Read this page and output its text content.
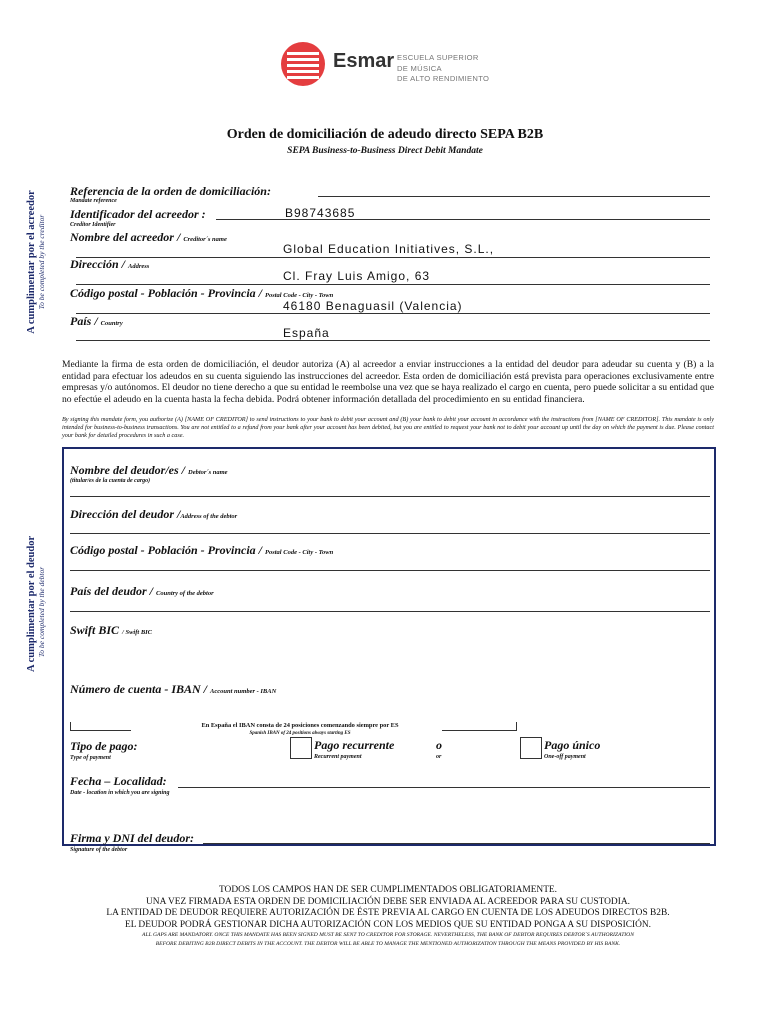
Esmar ESCUELA SUPERIOR
DE MÚSICA
DE ALTO RENDIMIENTO
Orden de domiciliación de adeudo directo SEPA B2B
SEPA Business-to-Business Direct Debit Mandate
A cumplimentar por el acreedor To be completed by the creditor
Referencia de la orden de domiciliación:
Mandate reference
Identificador del acreedor :	B98743685
Creditor Identifier
Nombre del acreedor / Creditor´s name
Global Education Initiatives, S.L.,
Dirección / Address
Cl. Fray Luis Amigo, 63
Código postal - Población - Provincia / Postal Code - City - Town
46180 Benaguasil (Valencia)
País / Country
España
Mediante la firma de esta orden de domiciliación, el deudor autoriza (A) al acreedor a enviar instrucciones a la entidad del deudor para adeudar su cuenta y (B) a la entidad para efectuar los adeudos en su cuenta siguiendo las instrucciones del acreedor. Esta orden de domiciliación está prevista para operaciones exclusivamente entre empresas y/o autónomos. El deudor no tiene derecho a que su entidad le reembolse una vez que se haya realizado el cargo en cuenta, pero puede solicitar a su entidad que no efectúe el adeudo en la cuenta hasta la fecha debida. Podrá obtener información detallada del procedimiento en su entidad financiera.
By signing this mandate form, you authorize (A) [NAME OF CREDITOR] to send instructions to your bank to debit your account and (B) your bank to debit your account in accordance with the instructions from [NAME OF CREDITOR]. This mandate is only intended for business-to-business transactions. You are not entitled to a refund from your bank after your account has been debited, but you are entitled to request your bank not to debit your account up until the day on which the payment is due. Please contact your bank for detailed procedures in such a case.
A cumplimentar por el deudor To be completed by the debtor
Nombre del deudor/es / Debtor´s name
(titular/es de la cuenta de cargo)
Dirección del deudor /Address of the debtor
Código postal - Población - Provincia / Postal Code - City - Town
País del deudor / Country of the debtor
Swift BIC / Swift BIC
Número de cuenta - IBAN / Account number - IBAN
En España el IBAN consta de 24 posiciones comenzando siempre por ES
Spanish IBAN of 24 positions always starting ES
Tipo de pago:
Type of payment
Pago recurrente
Recurrent payment
o
or
Pago único
One-off payment
Fecha – Localidad:
Date - location in which you are signing
Firma y DNI del deudor:
Signature of the debtor
TODOS LOS CAMPOS HAN DE SER CUMPLIMENTADOS OBLIGATORIAMENTE.
UNA VEZ FIRMADA ESTA ORDEN DE DOMICILIACIÓN DEBE SER ENVIADA AL ACREEDOR PARA SU CUSTODIA.
LA ENTIDAD DE DEUDOR REQUIERE AUTORIZACIÓN DE ÉSTE PREVIA AL CARGO EN CUENTA DE LOS ADEUDOS DIRECTOS B2B.
EL DEUDOR PODRÁ GESTIONAR DICHA AUTORIZACIÓN CON LOS MEDIOS QUE SU ENTIDAD PONGA A SU DISPOSICIÓN.
ALL GAPS ARE MANDATORY. ONCE THIS MANDATE HAS BEEN SIGNED MUST BE SENT TO CREDITOR FOR STORAGE. NEVERTHELESS, THE BANK OF DEBTOR REQUIRES DEBTOR´S AUTHORIZATION
BEFORE DEBITING B2B DIRECT DEBITS IN THE ACCOUNT. THE DEBTOR WILL BE ABLE TO MANAGE THE MENTIONED AUTHORIZATION THROUGH THE MEANS PROVIDED BY HIS BANK.
